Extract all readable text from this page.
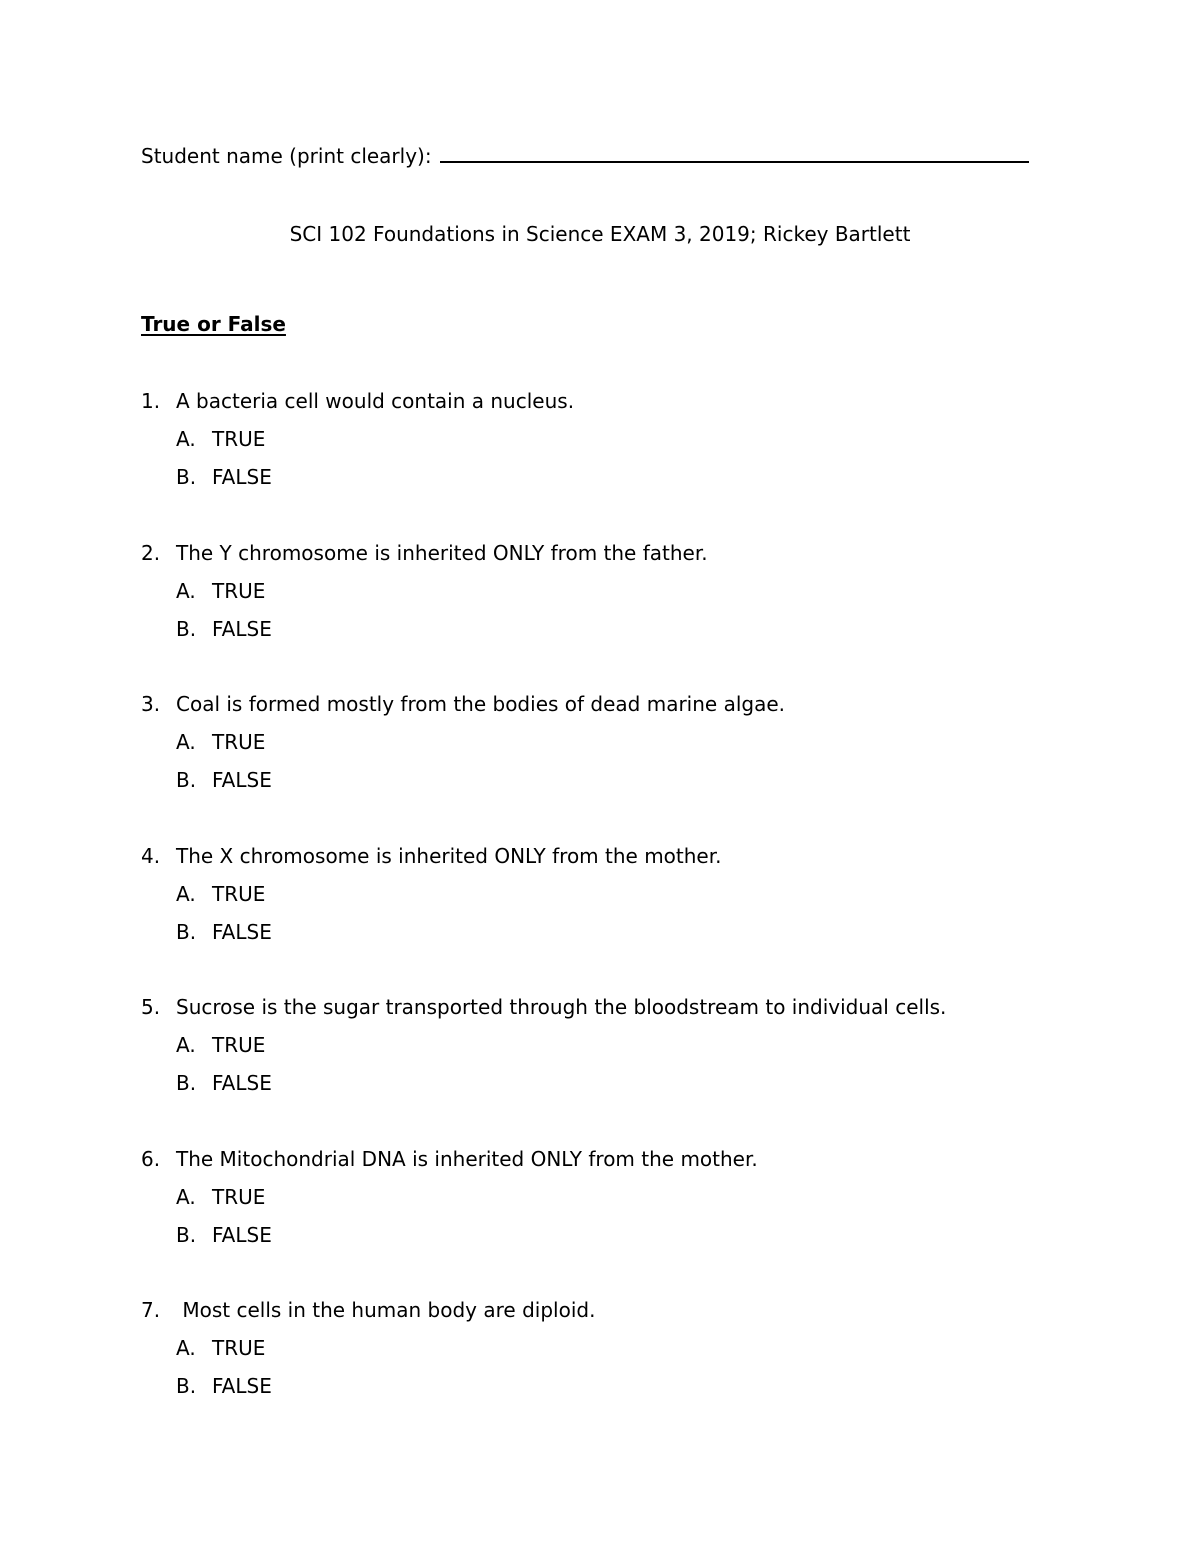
Student name (print clearly):
SCI 102 Foundations in Science EXAM 3, 2019; Rickey Bartlett
True or False
1. A bacteria cell would contain a nucleus.
A. TRUE
B. FALSE
2. The Y chromosome is inherited ONLY from the father.
A. TRUE
B. FALSE
3. Coal is formed mostly from the bodies of dead marine algae.
A. TRUE
B. FALSE
4. The X chromosome is inherited ONLY from the mother.
A. TRUE
B. FALSE
5. Sucrose is the sugar transported through the bloodstream to individual cells.
A. TRUE
B. FALSE
6. The Mitochondrial DNA is inherited ONLY from the mother.
A. TRUE
B. FALSE
7. Most cells in the human body are diploid.
A. TRUE
B. FALSE
